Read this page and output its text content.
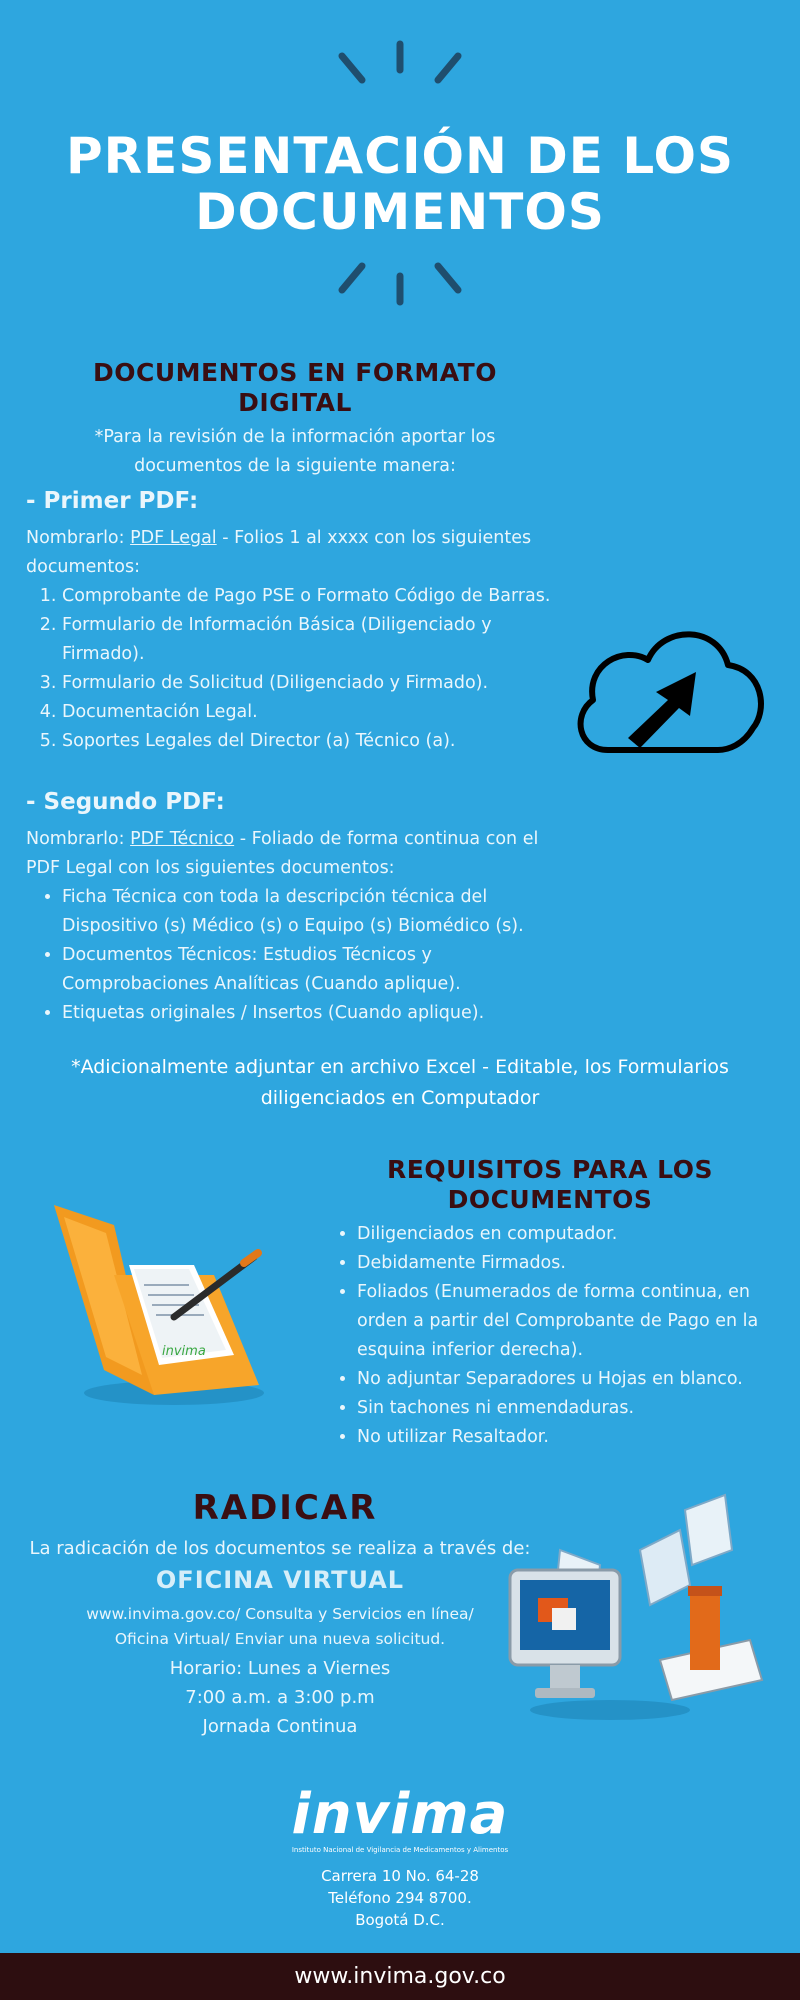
PRESENTACIÓN DE LOS
DOCUMENTOS
DOCUMENTOS EN FORMATO
DIGITAL
*Para la revisión de la información aportar los
documentos de la siguiente manera:
- Primer PDF:
Nombrarlo: PDF Legal - Folios 1 al xxxx con los siguientes documentos:
1. Comprobante de Pago PSE o Formato Código de Barras.
2. Formulario de Información Básica (Diligenciado y Firmado).
3. Formulario de Solicitud (Diligenciado y Firmado).
4. Documentación Legal.
5. Soportes Legales del Director (a) Técnico (a).
- Segundo PDF:
Nombrarlo: PDF Técnico - Foliado de forma continua con el PDF Legal con los siguientes documentos:
• Ficha Técnica con toda la descripción técnica del Dispositivo (s) Médico (s) o Equipo (s) Biomédico (s).
• Documentos Técnicos: Estudios Técnicos y Comprobaciones Analíticas (Cuando aplique).
• Etiquetas originales / Insertos (Cuando aplique).
*Adicionalmente adjuntar en archivo Excel - Editable, los Formularios
diligenciados en Computador
REQUISITOS PARA LOS
DOCUMENTOS
• Diligenciados en computador.
• Debidamente Firmados.
• Foliados (Enumerados de forma continua, en orden a partir del Comprobante de Pago en la esquina inferior derecha).
• No adjuntar Separadores u Hojas en blanco.
• Sin tachones ni enmendaduras.
• No utilizar Resaltador.
invima
RADICAR
La radicación de los documentos se realiza a través de:
OFICINA VIRTUAL
www.invima.gov.co/ Consulta y Servicios en línea/
Oficina Virtual/ Enviar una nueva solicitud.
Horario: Lunes a Viernes
7:00 a.m. a 3:00 p.m
Jornada Continua
invima
Instituto Nacional de Vigilancia de Medicamentos y Alimentos
Carrera 10 No. 64-28
Teléfono 294 8700.
Bogotá D.C.
www.invima.gov.co
